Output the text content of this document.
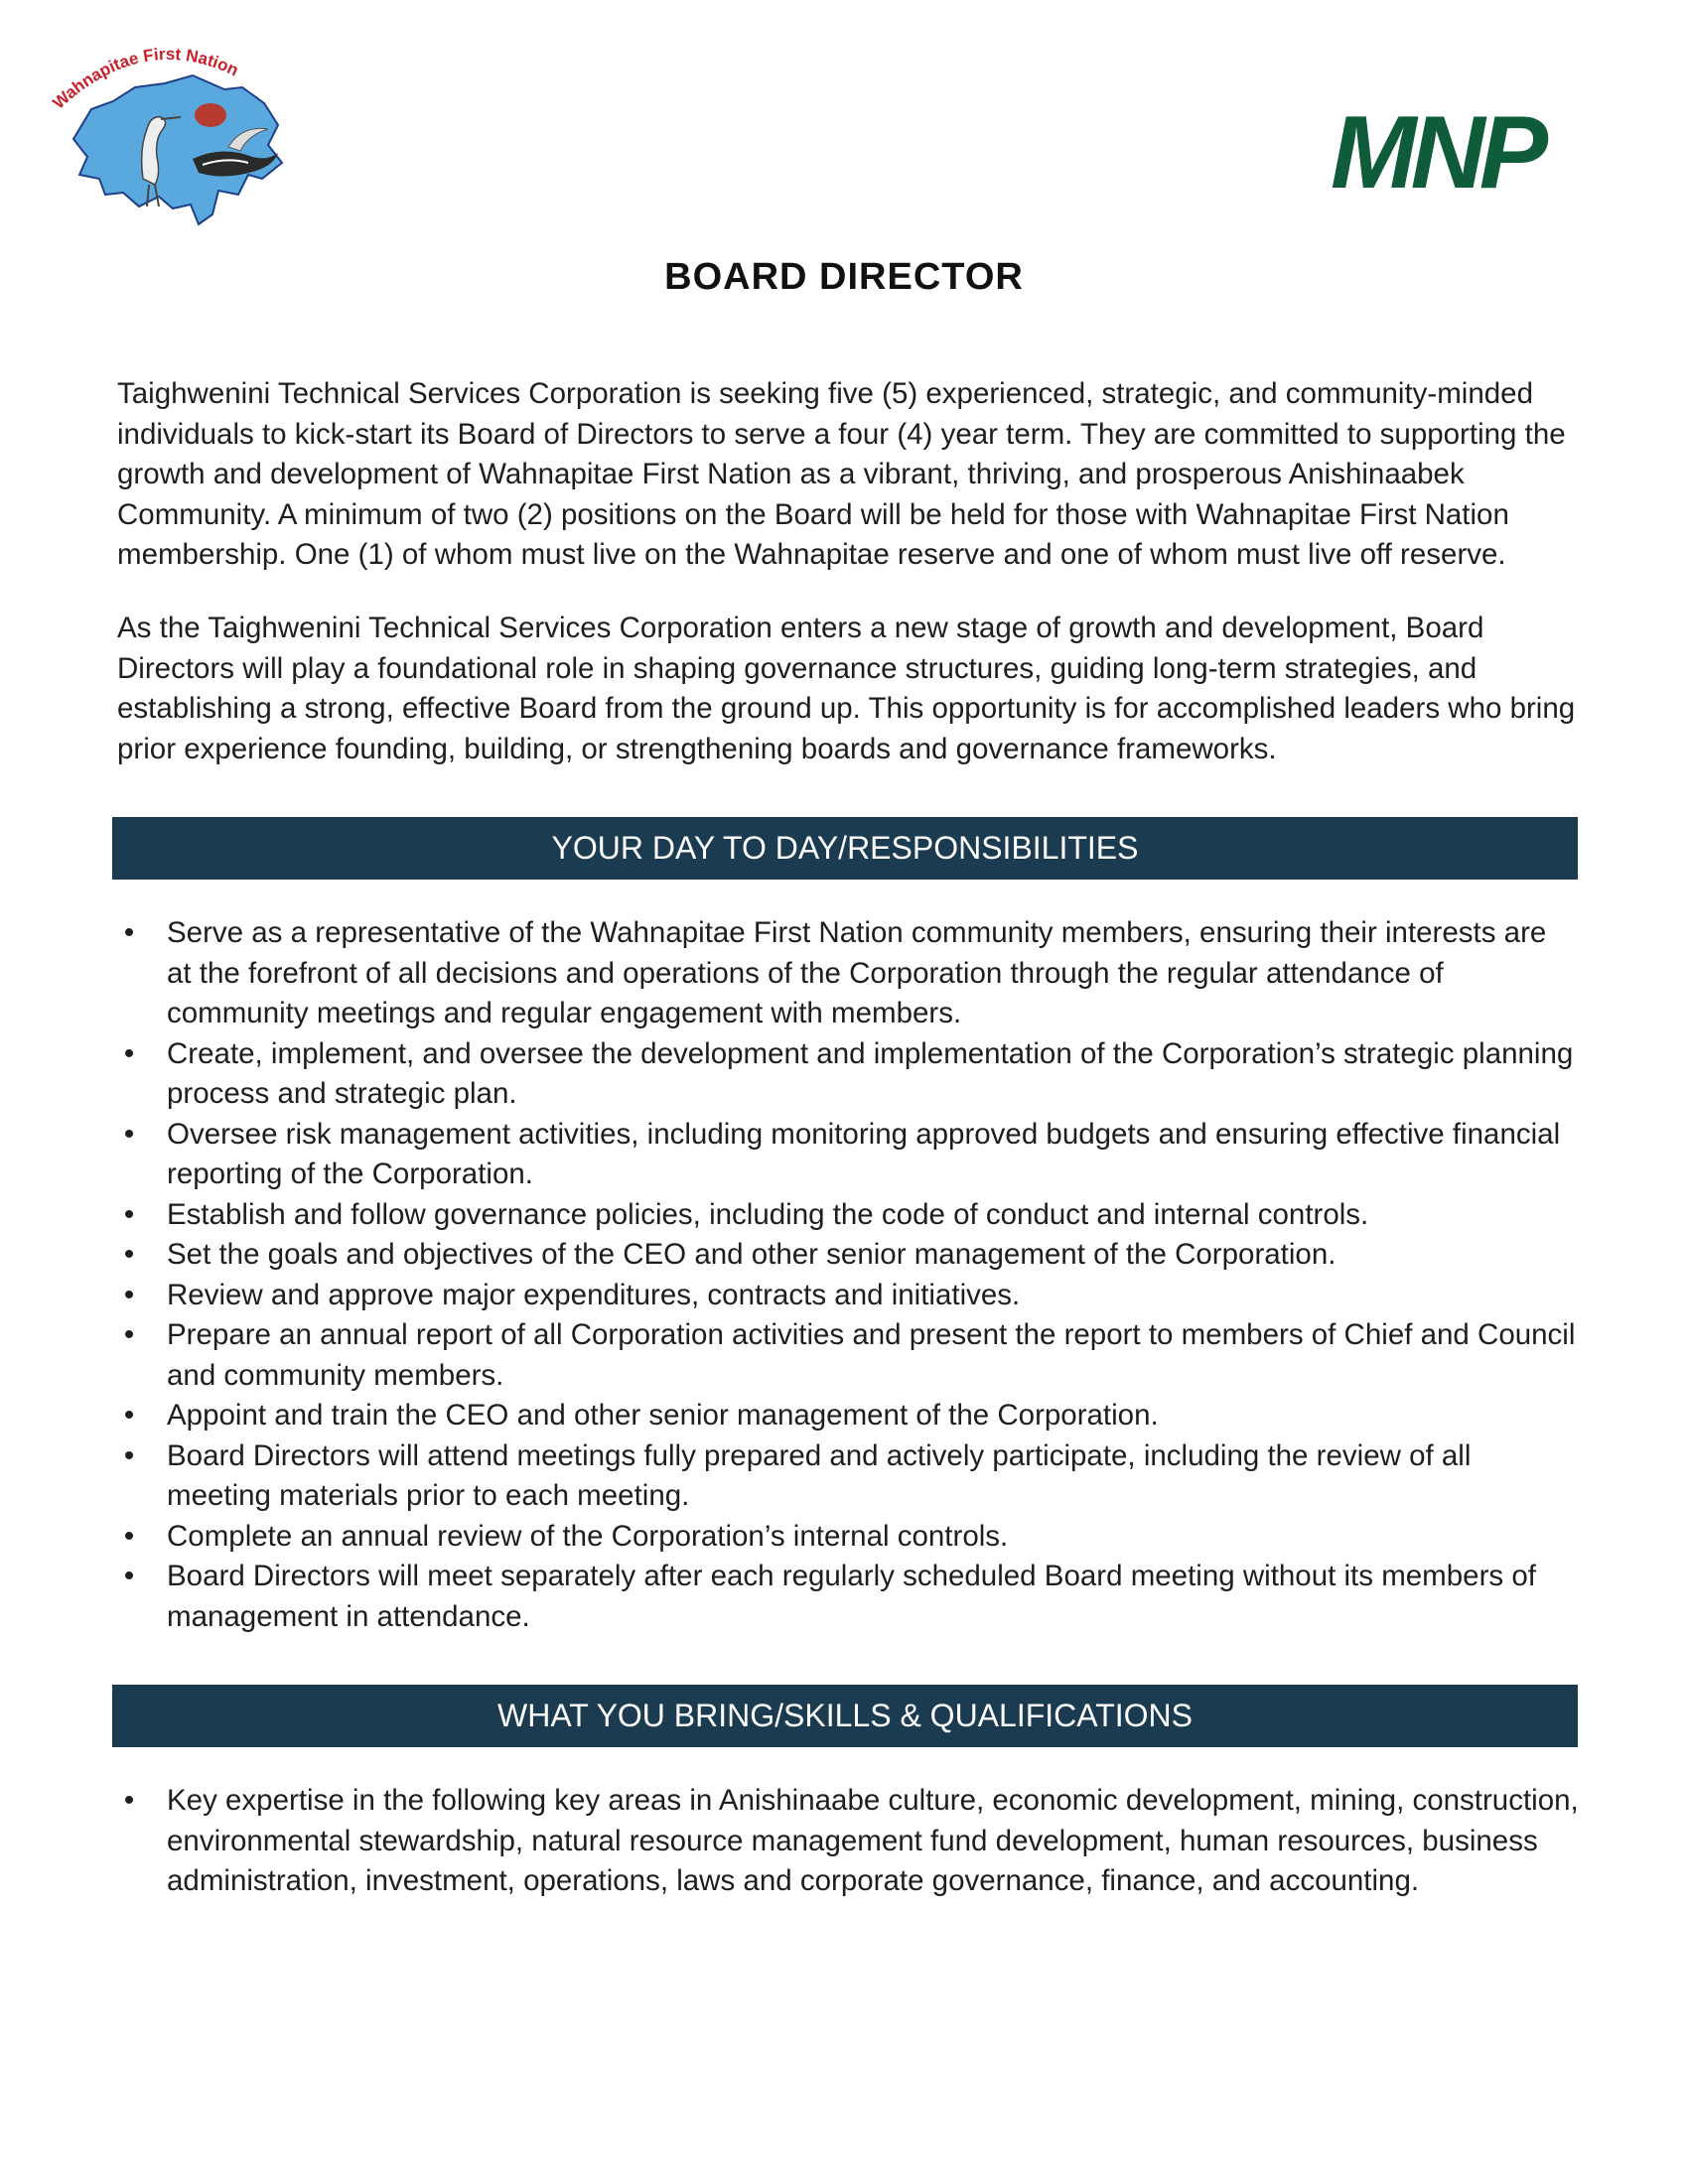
Wahnapitae First Nation
MNP
BOARD DIRECTOR

Taighwenini Technical Services Corporation is seeking five (5) experienced, strategic, and community-minded individuals to kick-start its Board of Directors to serve a four (4) year term. They are committed to supporting the growth and development of Wahnapitae First Nation as a vibrant, thriving, and prosperous Anishinaabek Community. A minimum of two (2) positions on the Board will be held for those with Wahnapitae First Nation membership. One (1) of whom must live on the Wahnapitae reserve and one of whom must live off reserve.

As the Taighwenini Technical Services Corporation enters a new stage of growth and development, Board Directors will play a foundational role in shaping governance structures, guiding long-term strategies, and establishing a strong, effective Board from the ground up. This opportunity is for accomplished leaders who bring prior experience founding, building, or strengthening boards and governance frameworks.

YOUR DAY TO DAY/RESPONSIBILITIES
• Serve as a representative of the Wahnapitae First Nation community members, ensuring their interests are at the forefront of all decisions and operations of the Corporation through the regular attendance of community meetings and regular engagement with members.
• Create, implement, and oversee the development and implementation of the Corporation’s strategic planning process and strategic plan.
• Oversee risk management activities, including monitoring approved budgets and ensuring effective financial reporting of the Corporation.
• Establish and follow governance policies, including the code of conduct and internal controls.
• Set the goals and objectives of the CEO and other senior management of the Corporation.
• Review and approve major expenditures, contracts and initiatives.
• Prepare an annual report of all Corporation activities and present the report to members of Chief and Council and community members.
• Appoint and train the CEO and other senior management of the Corporation.
• Board Directors will attend meetings fully prepared and actively participate, including the review of all meeting materials prior to each meeting.
• Complete an annual review of the Corporation’s internal controls.
• Board Directors will meet separately after each regularly scheduled Board meeting without its members of management in attendance.
WHAT YOU BRING/SKILLS & QUALIFICATIONS
• Key expertise in the following key areas in Anishinaabe culture, economic development, mining, construction, environmental stewardship, natural resource management fund development, human resources, business administration, investment, operations, laws and corporate governance, finance, and accounting.
